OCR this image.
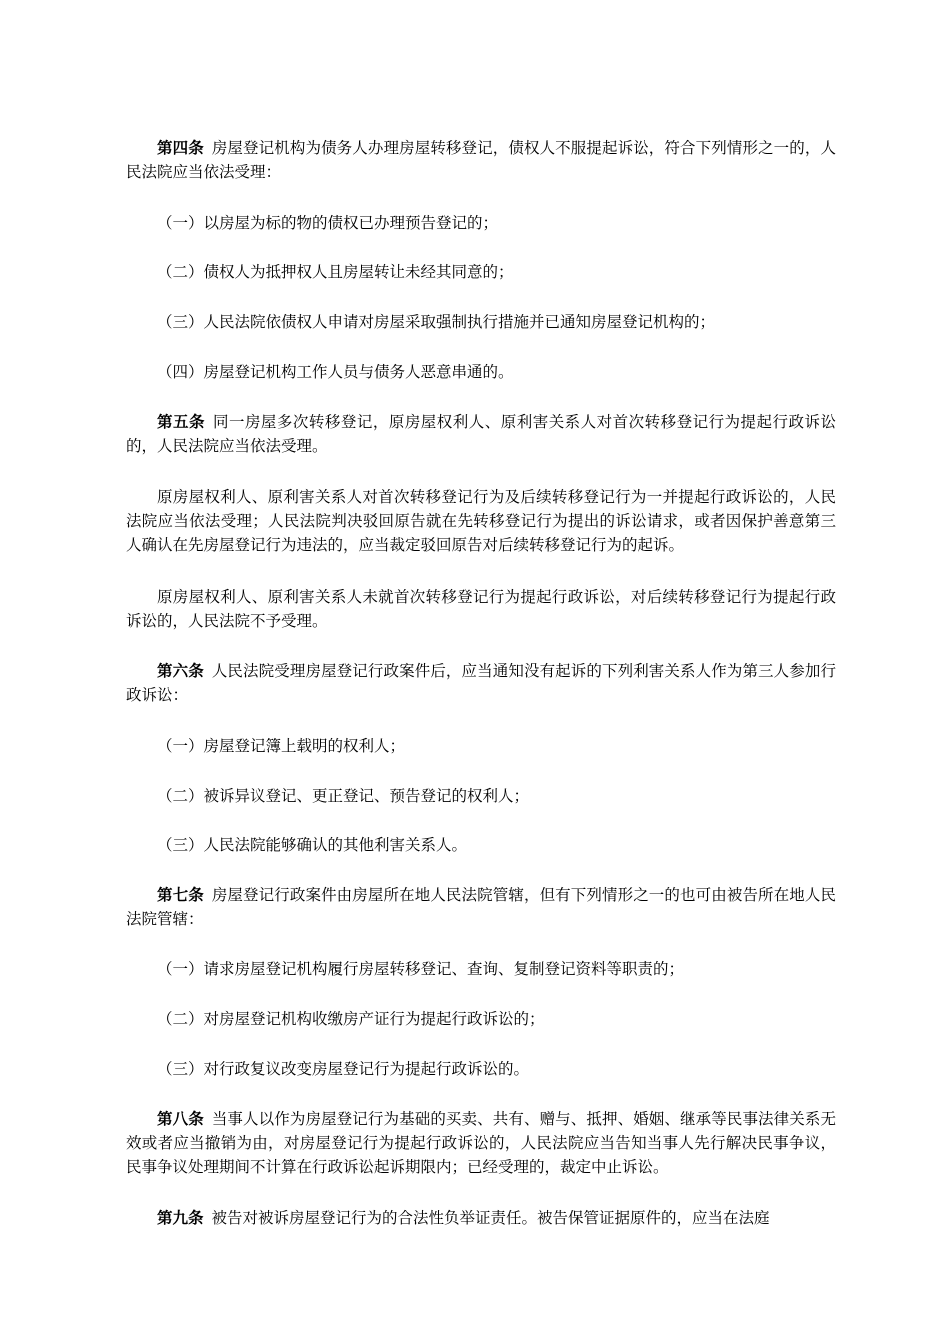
第四条 房屋登记机构为债务人办理房屋转移登记，债权人不服提起诉讼，符合下列情形之一的，人民法院应当依法受理：

（一）以房屋为标的物的债权已办理预告登记的；

（二）债权人为抵押权人且房屋转让未经其同意的；

（三）人民法院依债权人申请对房屋采取强制执行措施并已通知房屋登记机构的；

（四）房屋登记机构工作人员与债务人恶意串通的。

第五条 同一房屋多次转移登记，原房屋权利人、原利害关系人对首次转移登记行为提起行政诉讼的，人民法院应当依法受理。

原房屋权利人、原利害关系人对首次转移登记行为及后续转移登记行为一并提起行政诉讼的，人民法院应当依法受理；人民法院判决驳回原告就在先转移登记行为提出的诉讼请求，或者因保护善意第三人确认在先房屋登记行为违法的，应当裁定驳回原告对后续转移登记行为的起诉。

原房屋权利人、原利害关系人未就首次转移登记行为提起行政诉讼，对后续转移登记行为提起行政诉讼的，人民法院不予受理。

第六条 人民法院受理房屋登记行政案件后，应当通知没有起诉的下列利害关系人作为第三人参加行政诉讼：

（一）房屋登记簿上载明的权利人；

（二）被诉异议登记、更正登记、预告登记的权利人；

（三）人民法院能够确认的其他利害关系人。

第七条 房屋登记行政案件由房屋所在地人民法院管辖，但有下列情形之一的也可由被告所在地人民法院管辖：

（一）请求房屋登记机构履行房屋转移登记、查询、复制登记资料等职责的；

（二）对房屋登记机构收缴房产证行为提起行政诉讼的；

（三）对行政复议改变房屋登记行为提起行政诉讼的。

第八条 当事人以作为房屋登记行为基础的买卖、共有、赠与、抵押、婚姻、继承等民事法律关系无效或者应当撤销为由，对房屋登记行为提起行政诉讼的，人民法院应当告知当事人先行解决民事争议，民事争议处理期间不计算在行政诉讼起诉期限内；已经受理的，裁定中止诉讼。

第九条 被告对被诉房屋登记行为的合法性负举证责任。被告保管证据原件的，应当在法庭
